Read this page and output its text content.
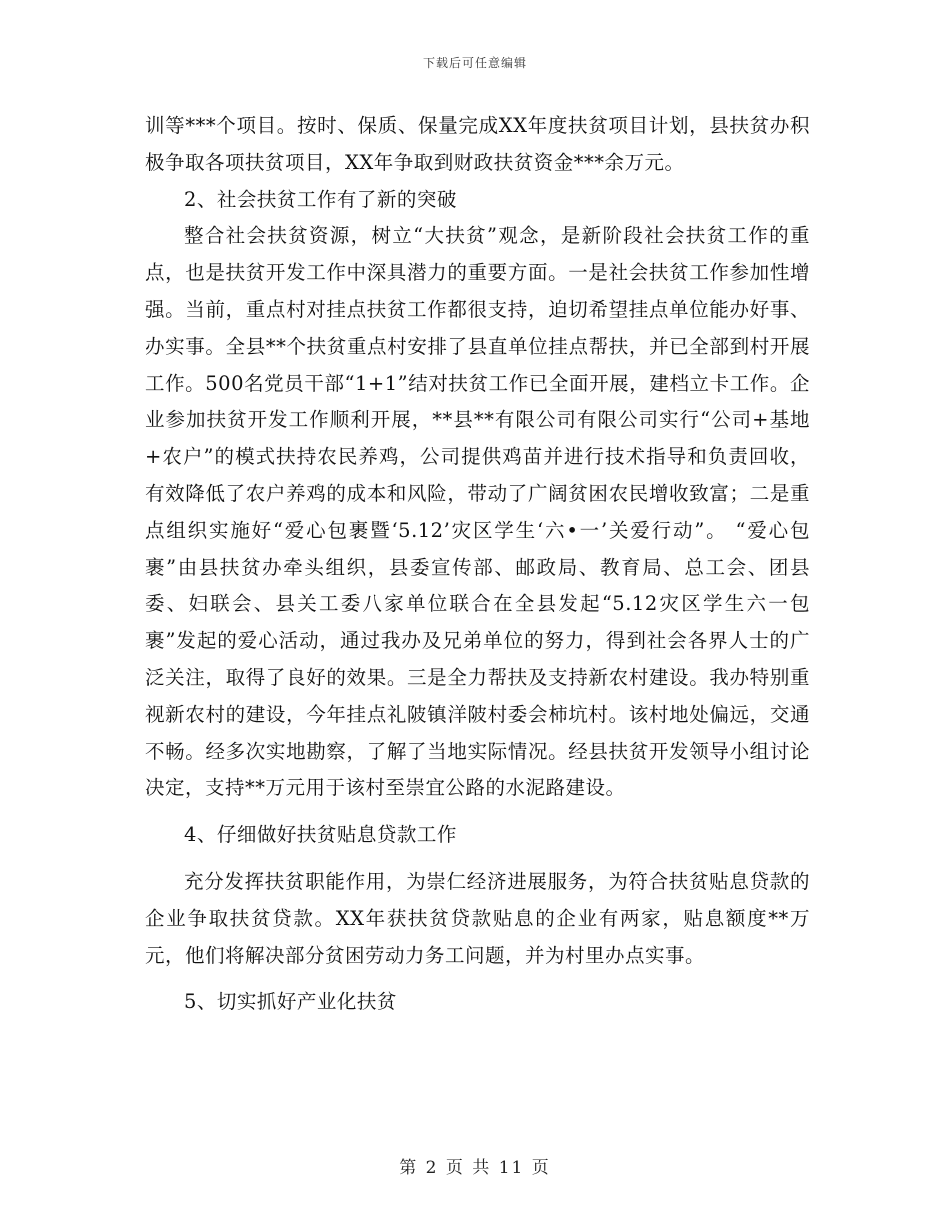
下载后可任意编辑

训等***个项目。按时、保质、保量完成XX年度扶贫项目计划，县扶贫办积极争取各项扶贫项目，XX年争取到财政扶贫资金***余万元。

2、社会扶贫工作有了新的突破

整合社会扶贫资源，树立“大扶贫”观念，是新阶段社会扶贫工作的重点，也是扶贫开发工作中深具潜力的重要方面。一是社会扶贫工作参加性增强。当前，重点村对挂点扶贫工作都很支持，迫切希望挂点单位能办好事、办实事。全县**个扶贫重点村安排了县直单位挂点帮扶，并已全部到村开展工作。500名党员干部“1+1”结对扶贫工作已全面开展，建档立卡工作。企业参加扶贫开发工作顺利开展，**县**有限公司有限公司实行“公司+基地+农户”的模式扶持农民养鸡，公司提供鸡苗并进行技术指导和负责回收，有效降低了农户养鸡的成本和风险，带动了广阔贫困农民增收致富；二是重点组织实施好“爱心包裹暨‘5.12’灾区学生‘六•一’关爱行动”。 “爱心包裹”由县扶贫办牵头组织，县委宣传部、邮政局、教育局、总工会、团县委、妇联会、县关工委八家单位联合在全县发起“5.12灾区学生六一包裹”发起的爱心活动，通过我办及兄弟单位的努力，得到社会各界人士的广泛关注，取得了良好的效果。三是全力帮扶及支持新农村建设。我办特别重视新农村的建设，今年挂点礼陂镇洋陂村委会柿坑村。该村地处偏远，交通不畅。经多次实地勘察，了解了当地实际情况。经县扶贫开发领导小组讨论决定，支持**万元用于该村至崇宜公路的水泥路建设。

4、仔细做好扶贫贴息贷款工作

充分发挥扶贫职能作用，为崇仁经济进展服务，为符合扶贫贴息贷款的企业争取扶贫贷款。XX年获扶贫贷款贴息的企业有两家，贴息额度**万元，他们将解决部分贫困劳动力务工问题，并为村里办点实事。

5、切实抓好产业化扶贫

第 2 页 共 11 页
